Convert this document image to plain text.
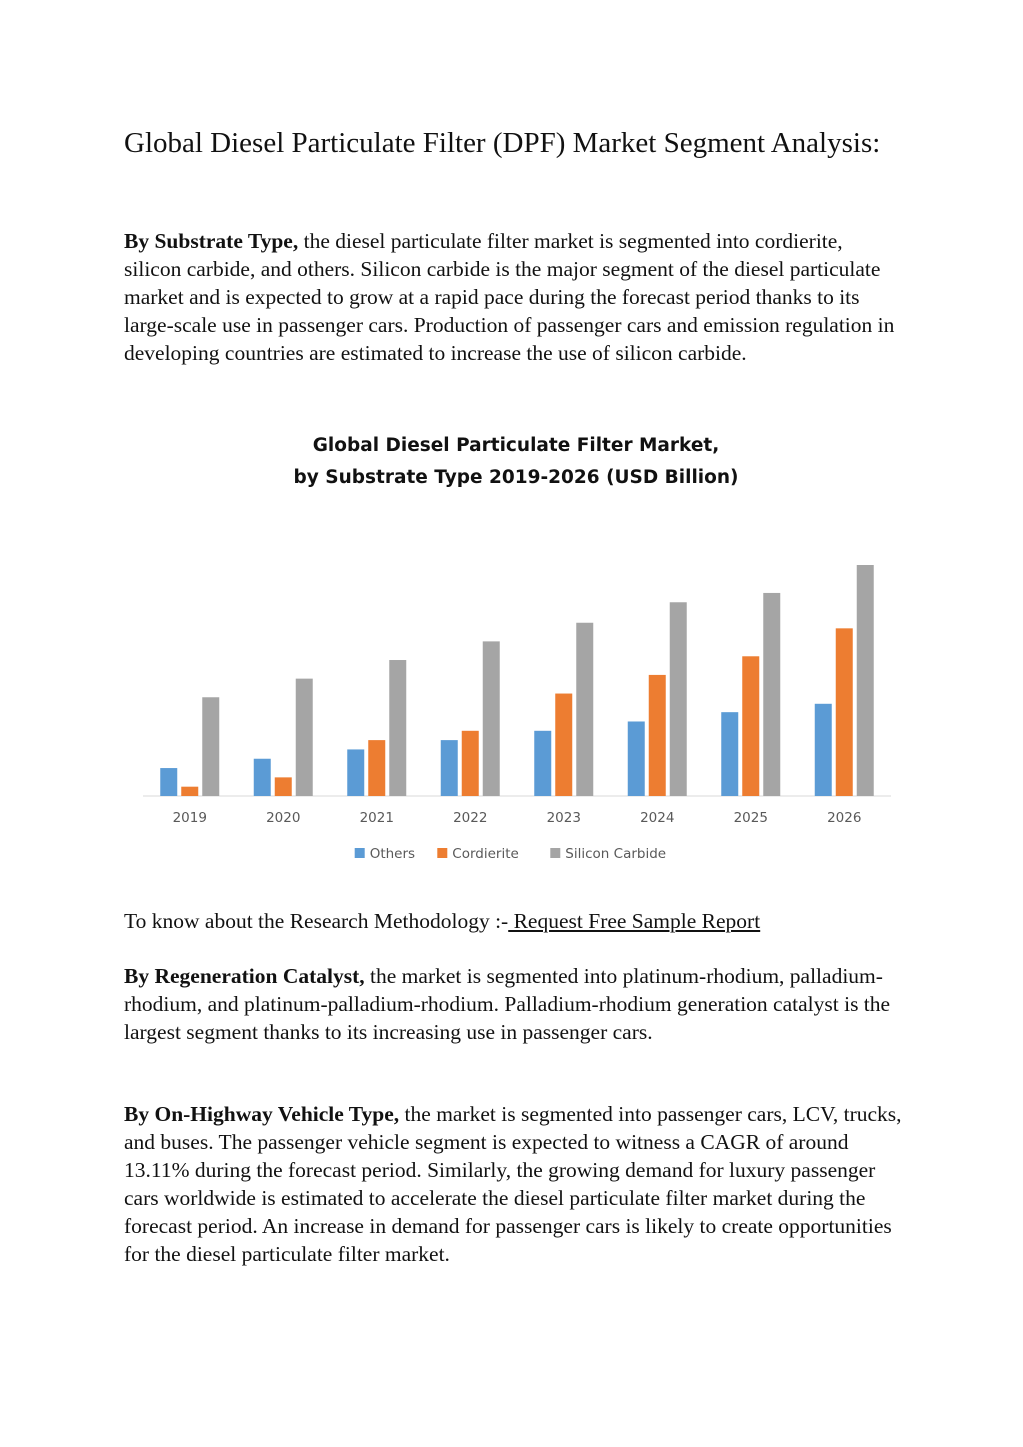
Global Diesel Particulate Filter (DPF) Market Segment Analysis:

By Substrate Type, the diesel particulate filter market is segmented into cordierite, silicon carbide, and others. Silicon carbide is the major segment of the diesel particulate market and is expected to grow at a rapid pace during the forecast period thanks to its large-scale use in passenger cars. Production of passenger cars and emission regulation in developing countries are estimated to increase the use of silicon carbide.

Global Diesel Particulate Filter Market,
by Substrate Type 2019-2026 (USD Billion)
2019	2020	2021	2022	2023	2024	2025	2026
Others	Cordierite	Silicon Carbide

To know about the Research Methodology :- Request Free Sample Report

By Regeneration Catalyst, the market is segmented into platinum-rhodium, palladium-rhodium, and platinum-palladium-rhodium. Palladium-rhodium generation catalyst is the largest segment thanks to its increasing use in passenger cars.

By On-Highway Vehicle Type, the market is segmented into passenger cars, LCV, trucks, and buses. The passenger vehicle segment is expected to witness a CAGR of around 13.11% during the forecast period. Similarly, the growing demand for luxury passenger cars worldwide is estimated to accelerate the diesel particulate filter market during the forecast period. An increase in demand for passenger cars is likely to create opportunities for the diesel particulate filter market.
